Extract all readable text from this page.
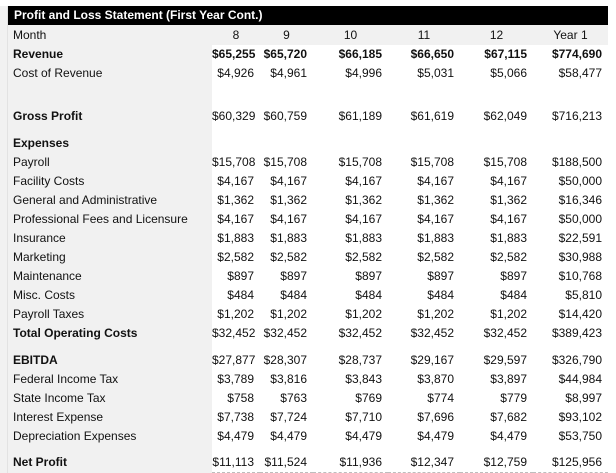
Profit and Loss Statement (First Year Cont.)
Month	8	9	10	11	12	Year 1
Revenue	$65,255	$65,720	$66,185	$66,650	$67,115	$774,690
Cost of Revenue	$4,926	$4,961	$4,996	$5,031	$5,066	$58,477

Gross Profit	$60,329	$60,759	$61,189	$61,619	$62,049	$716,213

Expenses						
Payroll	$15,708	$15,708	$15,708	$15,708	$15,708	$188,500
Facility Costs	$4,167	$4,167	$4,167	$4,167	$4,167	$50,000
General and Administrative	$1,362	$1,362	$1,362	$1,362	$1,362	$16,346
Professional Fees and Licensure	$4,167	$4,167	$4,167	$4,167	$4,167	$50,000
Insurance	$1,883	$1,883	$1,883	$1,883	$1,883	$22,591
Marketing	$2,582	$2,582	$2,582	$2,582	$2,582	$30,988
Maintenance	$897	$897	$897	$897	$897	$10,768
Misc. Costs	$484	$484	$484	$484	$484	$5,810
Payroll Taxes	$1,202	$1,202	$1,202	$1,202	$1,202	$14,420
Total Operating Costs	$32,452	$32,452	$32,452	$32,452	$32,452	$389,423

EBITDA	$27,877	$28,307	$28,737	$29,167	$29,597	$326,790
Federal Income Tax	$3,789	$3,816	$3,843	$3,870	$3,897	$44,984
State Income Tax	$758	$763	$769	$774	$779	$8,997
Interest Expense	$7,738	$7,724	$7,710	$7,696	$7,682	$93,102
Depreciation Expenses	$4,479	$4,479	$4,479	$4,479	$4,479	$53,750

Net Profit	$11,113	$11,524	$11,936	$12,347	$12,759	$125,956
